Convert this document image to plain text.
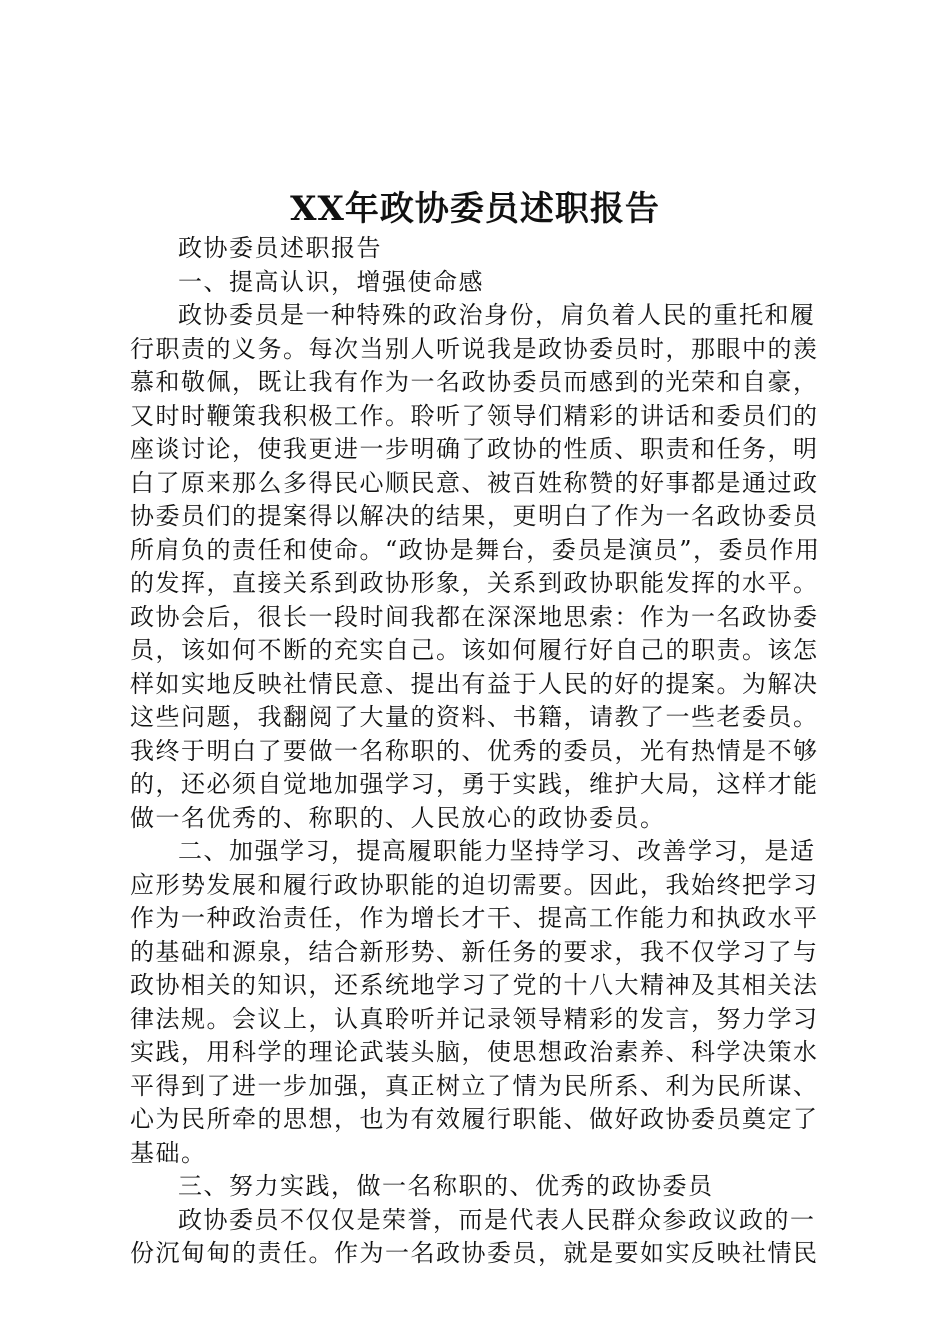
XX年政协委员述职报告

政协委员述职报告

一、提高认识，增强使命感

政协委员是一种特殊的政治身份，肩负着人民的重托和履行职责的义务。每次当别人听说我是政协委员时，那眼中的羡慕和敬佩，既让我有作为一名政协委员而感到的光荣和自豪，又时时鞭策我积极工作。聆听了领导们精彩的讲话和委员们的座谈讨论，使我更进一步明确了政协的性质、职责和任务，明白了原来那么多得民心顺民意、被百姓称赞的好事都是通过政协委员们的提案得以解决的结果，更明白了作为一名政协委员所肩负的责任和使命。“政协是舞台，委员是演员”，委员作用的发挥，直接关系到政协形象，关系到政协职能发挥的水平。政协会后，很长一段时间我都在深深地思索：作为一名政协委员，该如何不断的充实自己。该如何履行好自己的职责。该怎样如实地反映社情民意、提出有益于人民的好的提案。为解决这些问题，我翻阅了大量的资料、书籍，请教了一些老委员。我终于明白了要做一名称职的、优秀的委员，光有热情是不够的，还必须自觉地加强学习，勇于实践，维护大局，这样才能做一名优秀的、称职的、人民放心的政协委员。

二、加强学习，提高履职能力坚持学习、改善学习，是适应形势发展和履行政协职能的迫切需要。因此，我始终把学习作为一种政治责任，作为增长才干、提高工作能力和执政水平的基础和源泉，结合新形势、新任务的要求，我不仅学习了与政协相关的知识，还系统地学习了党的十八大精神及其相关法律法规。会议上，认真聆听并记录领导精彩的发言，努力学习实践，用科学的理论武装头脑，使思想政治素养、科学决策水平得到了进一步加强，真正树立了情为民所系、利为民所谋、心为民所牵的思想，也为有效履行职能、做好政协委员奠定了基础。

三、努力实践，做一名称职的、优秀的政协委员

政协委员不仅仅是荣誉，而是代表人民群众参政议政的一份沉甸甸的责任。作为一名政协委员，就是要如实反映社情民
